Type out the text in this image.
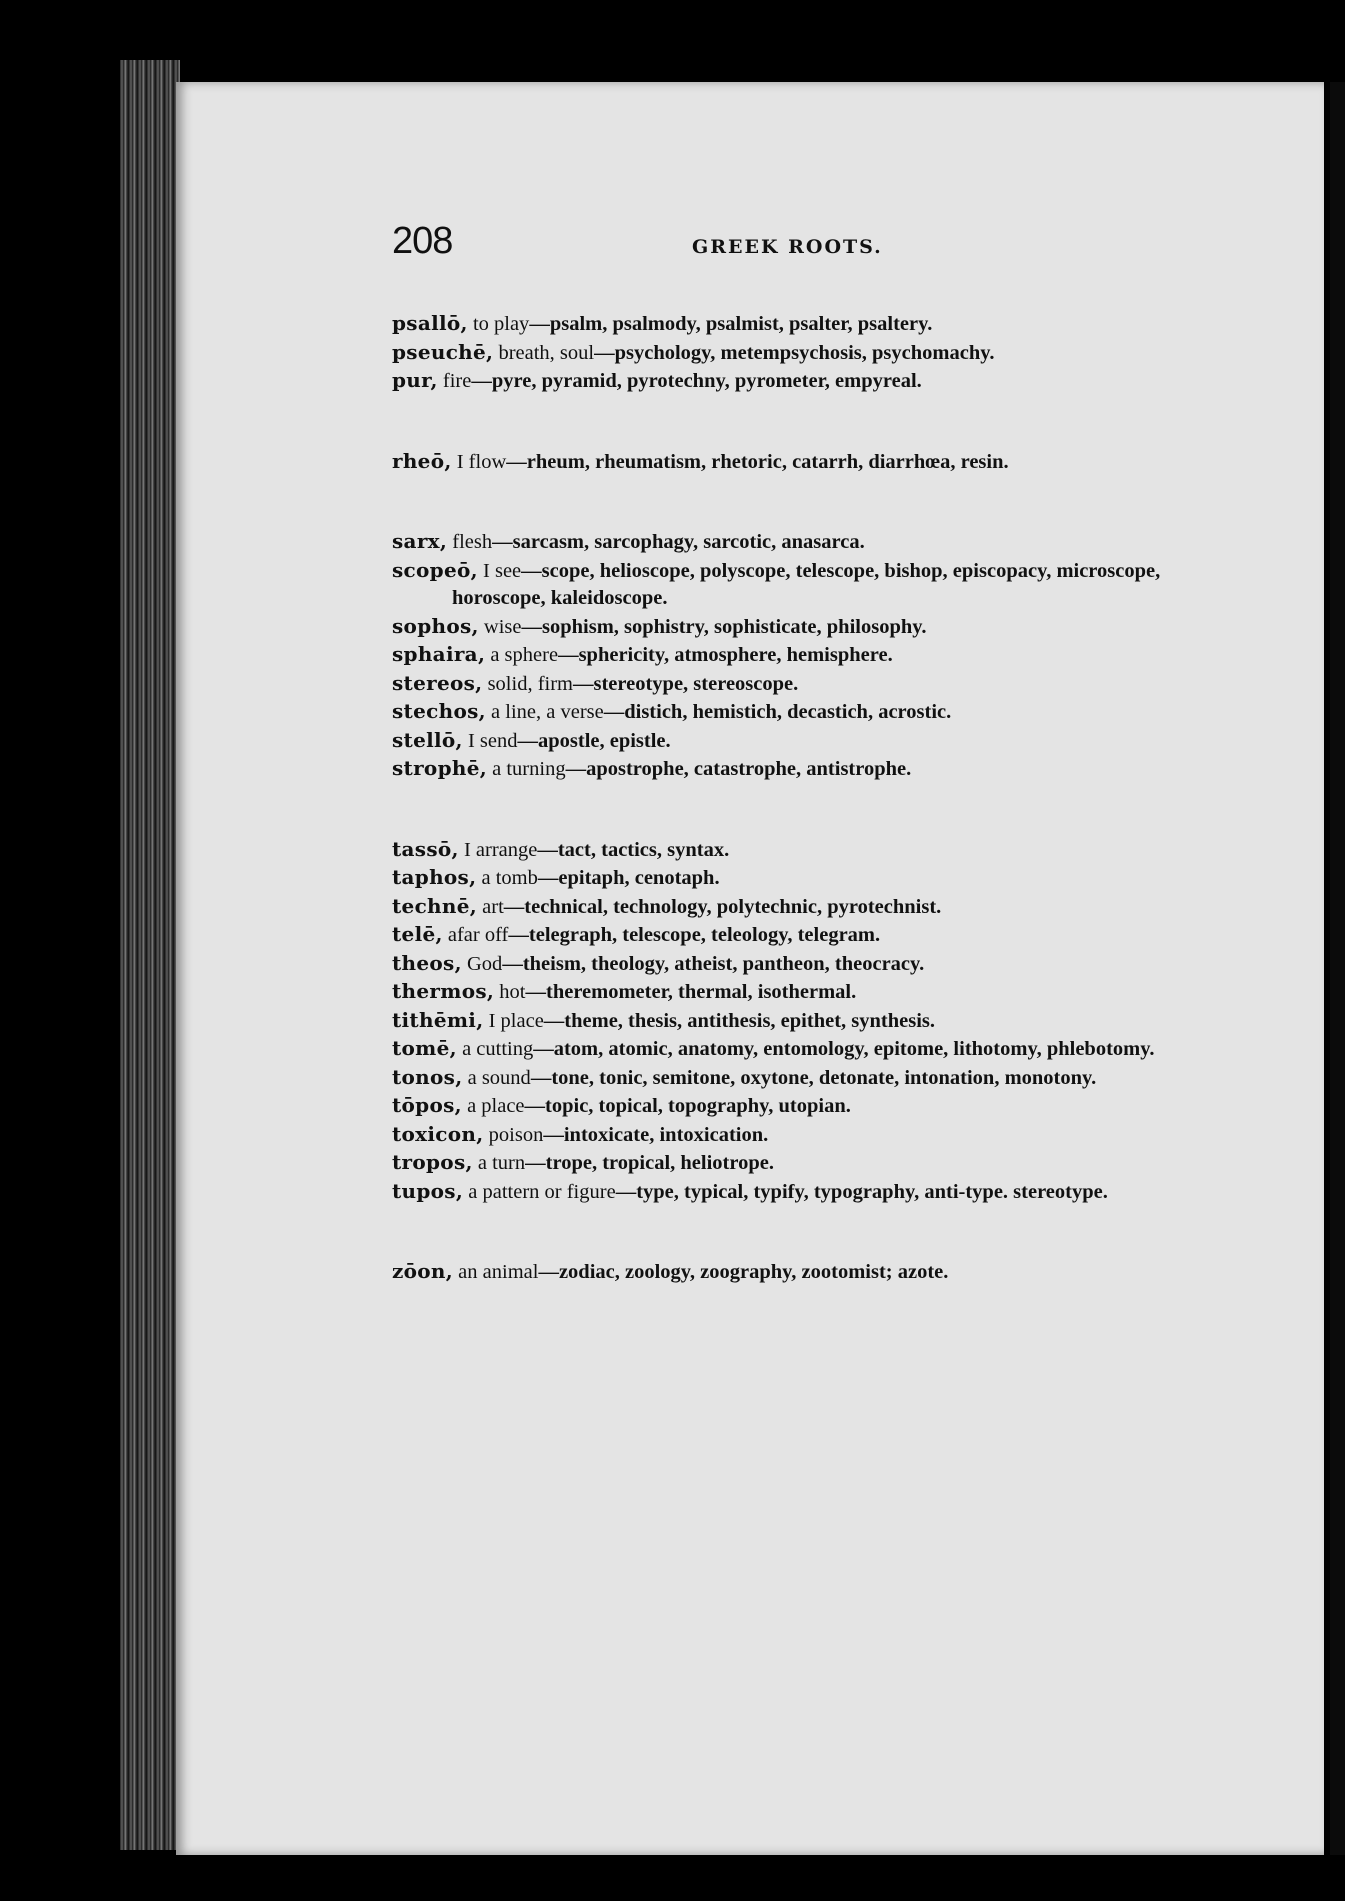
208	GREEK ROOTS.

psallō, to play—psalm, psalmody, psalmist, psalter, psaltery.

pseuchē, breath, soul—psychology, metempsychosis, psychomachy.

pur, fire—pyre, pyramid, pyrotechny, pyrometer, empyreal.

rheō, I flow—rheum, rheumatism, rhetoric, catarrh, diarrhœa, resin.

sarx, flesh—sarcasm, sarcophagy, sarcotic, anasarca.

scopeō, I see—scope, helioscope, polyscope, telescope, bishop, episcopacy, microscope, horoscope, kaleidoscope.

sophos, wise—sophism, sophistry, sophisticate, philosophy.

sphaira, a sphere—sphericity, atmosphere, hemisphere.

stereos, solid, firm—stereotype, stereoscope.

stechos, a line, a verse—distich, hemistich, decastich, acrostic.

stellō, I send—apostle, epistle.

strophē, a turning—apostrophe, catastrophe, antistrophe.

tassō, I arrange—tact, tactics, syntax.

taphos, a tomb—epitaph, cenotaph.

technē, art—technical, technology, polytechnic, pyrotechnist.

telē, afar off—telegraph, telescope, teleology, telegram.

theos, God—theism, theology, atheist, pantheon, theocracy.

thermos, hot—theremometer, thermal, isothermal.

tithēmi, I place—theme, thesis, antithesis, epithet, synthesis.

tomē, a cutting—atom, atomic, anatomy, entomology, epitome, lithotomy, phlebotomy.

tonos, a sound—tone, tonic, semitone, oxytone, detonate, intonation, monotony.

tōpos, a place—topic, topical, topography, utopian.

toxicon, poison—intoxicate, intoxication.

tropos, a turn—trope, tropical, heliotrope.

tupos, a pattern or figure—type, typical, typify, typography, anti-type. stereotype.

zōon, an animal—zodiac, zoology, zoography, zootomist; azote.
